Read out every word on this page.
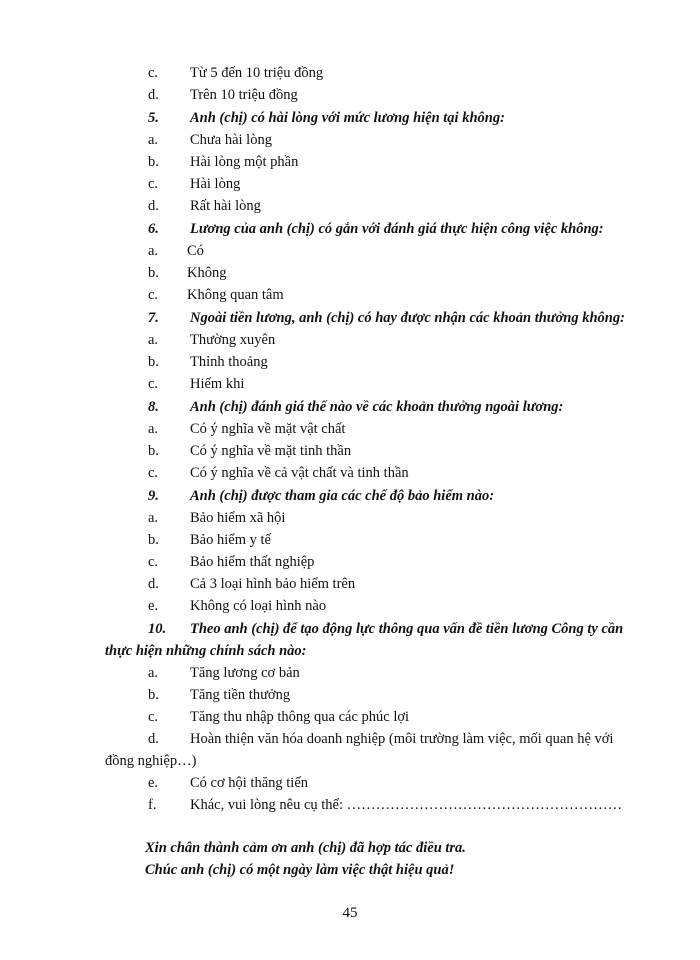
c.	Từ 5 đến 10 triệu đồng
d.	Trên 10 triệu đồng
5.	Anh (chị) có hài lòng với mức lương hiện tại không:
a.	Chưa hài lòng
b.	Hài lòng một phần
c.	Hài lòng
d.	Rất hài lòng
6.	Lương của anh (chị) có gắn với đánh giá thực hiện công việc không:
a.	Có
b.	Không
c.	Không quan tâm
7.	Ngoài tiền lương, anh (chị) có hay được nhận các khoản thưởng không:
a.	Thường xuyên
b.	Thỉnh thoảng
c.	Hiếm khi
8.	Anh (chị) đánh giá thế nào về các khoản thưởng ngoài lương:
a.	Có ý nghĩa về mặt vật chất
b.	Có ý nghĩa về mặt tinh thần
c.	Có ý nghĩa về cả vật chất và tinh thần
9.	Anh (chị) được tham gia các chế độ bảo hiểm nào:
a.	Bảo hiểm xã hội
b.	Bảo hiểm y tế
c.	Bảo hiểm thất nghiệp
d.	Cả 3 loại hình bảo hiểm trên
e.	Không có loại hình nào
10.	Theo anh (chị) để tạo động lực thông qua vấn đề tiền lương Công ty cần
thực hiện những chính sách nào:
a.	Tăng lương cơ bản
b.	Tăng tiền thưởng
c.	Tăng thu nhập thông qua các phúc lợi
d.	Hoàn thiện văn hóa doanh nghiệp (môi trường làm việc, mối quan hệ với
đồng nghiệp…)
e.	Có cơ hội thăng tiến
f.	Khác, vui lòng nêu cụ thể: …………………………………………………
Xin chân thành cảm ơn anh (chị) đã hợp tác điều tra.
Chúc anh (chị) có một ngày làm việc thật hiệu quả!
45
